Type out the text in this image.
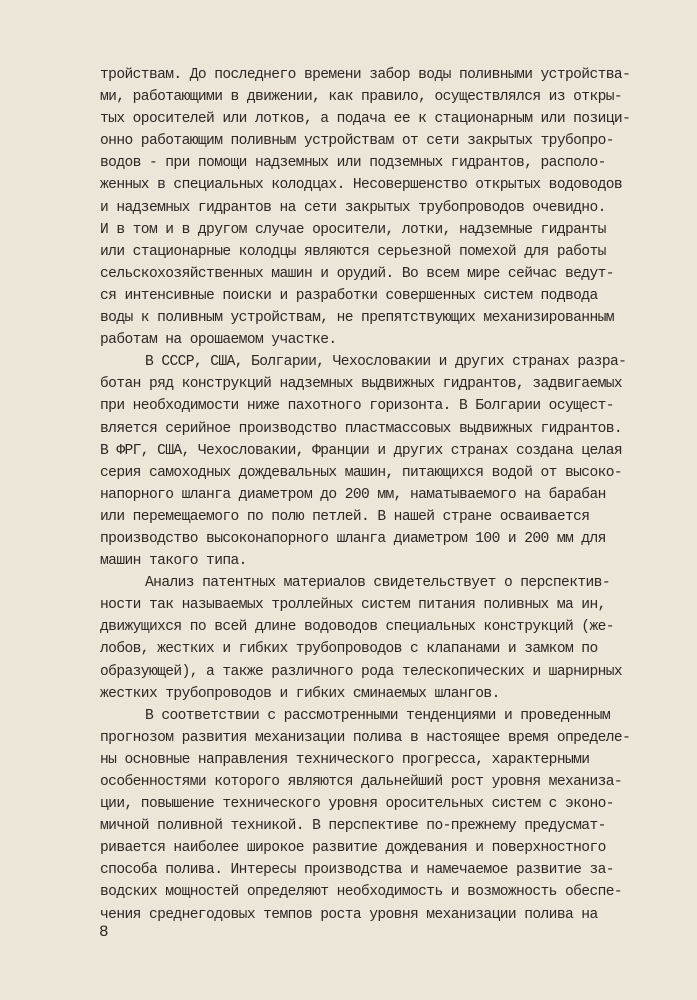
тройствам. До последнего времени забор воды поливными устройства-
ми, работающими в движении, как правило, осуществлялся из откры-
тых оросителей или лотков, а подача ее к стационарным или позици-
онно работающим поливным устройствам от сети закрытых трубопро-
водов - при помощи надземных или подземных гидрантов, располо-
женных в специальных колодцах. Несовершенство открытых водоводов
и надземных гидрантов на сети закрытых трубопроводов очевидно.
И в том и в другом случае оросители, лотки, надземные гидранты
или стационарные колодцы являются серьезной помехой для работы
сельскохозяйственных машин и орудий. Во всем мире сейчас ведут-
ся интенсивные поиски и разработки совершенных систем подвода
воды к поливным устройствам, не препятствующих механизированным
работам на орошаемом участке.
В СССР, США, Болгарии, Чехословакии и других странах разра-
ботан ряд конструкций надземных выдвижных гидрантов, задвигаемых
при необходимости ниже пахотного горизонта. В Болгарии осущест-
вляется серийное производство пластмассовых выдвижных гидрантов.
В ФРГ, США, Чехословакии, Франции и других странах создана целая
серия самоходных дождевальных машин, питающихся водой от высоко-
напорного шланга диаметром до 200 мм, наматываемого на барабан
или перемещаемого по полю петлей. В нашей стране осваивается
производство высоконапорного шланга диаметром 100 и 200 мм для
машин такого типа.
Анализ патентных материалов свидетельствует о перспектив-
ности так называемых троллейных систем питания поливных ма ин,
движущихся по всей длине водоводов специальных конструкций (же-
лобов, жестких и гибких трубопроводов с клапанами и замком по
образующей), а также различного рода телескопических и шарнирных
жестких трубопроводов и гибких сминаемых шлангов.
В соответствии с рассмотренными тенденциями и проведенным
прогнозом развития механизации полива в настоящее время определе-
ны основные направления технического прогресса, характерными
особенностями которого являются дальнейший рост уровня механиза-
ции, повышение технического уровня оросительных систем с эконо-
мичной поливной техникой. В перспективе по-прежнему предусмат-
ривается наиболее широкое развитие дождевания и поверхностного
способа полива. Интересы производства и намечаемое развитие за-
водских мощностей определяют необходимость и возможность обеспе-
чения среднегодовых темпов роста уровня механизации полива на
8
